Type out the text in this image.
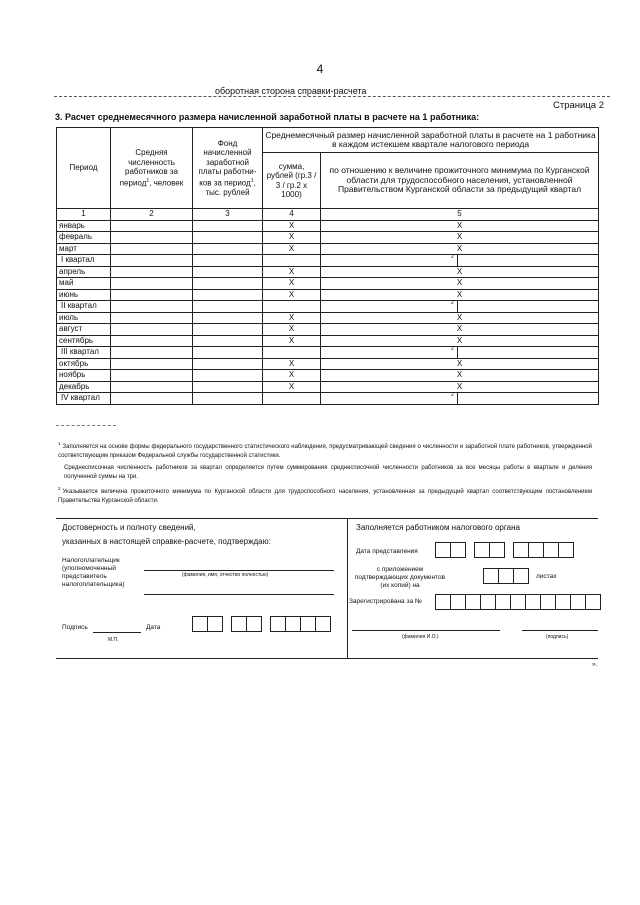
4
оборотная сторона справки-расчета
Страница 2
3. Расчет среднемесячного размера начисленной заработной платы в расчете на 1 работника:
Период	Средняя численность работников за период$^1$, человек	Фонд начисленной заработной платы работни-ков за период$^1$, тыс. рублей	Среднемесячный размер начисленной заработной платы в расчете на 1 работника в каждом истекшем квартале налогового периода	
			сумма, рублей (гр.3 / 3 / гр.2 х 1000)	по отношению к величине прожиточного минимума по Курганской области для трудоспособного населения, установленной Правительством Курганской области за предыдущий квартал
1	2	3	4	5
январь			X	X
февраль			X	X
март			X	X
I квартал				2

апрель			X	X
май			X	X
июнь			X	X
II квартал				2

июль			X	X
август			X	X
сентябрь			X	X
III квартал				2

октябрь			X	X
ноябрь			X	X
декабрь			X	X
IV квартал				2

$^1$Заполняется на основе формы федерального государственного статистического наблюдения, предусматривающей сведения о численности и заработной плате работников, утвержденной соответствующим приказом Федеральной службы государственной статистики.

Среднесписочная численность работников за квартал определяется путем суммирования среднесписочной численности работников за все месяцы работы в квартале и деления полученной суммы на три.

$^2$Указывается величина прожиточного минимума по Курганской области для трудоспособного населения, установленная за предыдущий квартал соответствующим постановлением Правительства Курганской области.

Достоверность и полноту сведений,
указанных в настоящей справке-расчете, подтверждаю:
Налогоплательщик (уполномоченный представитель налогоплательщика)
(фамилия, имя, отчество полностью)
Подпись	Дата
М.П.
Заполняется работником налогового органа
Дата представления
с приложением подтверждающих документов (их копий) на
листах
Зарегистрирована за №
(фамилия И.О.)	(подпись)
».
